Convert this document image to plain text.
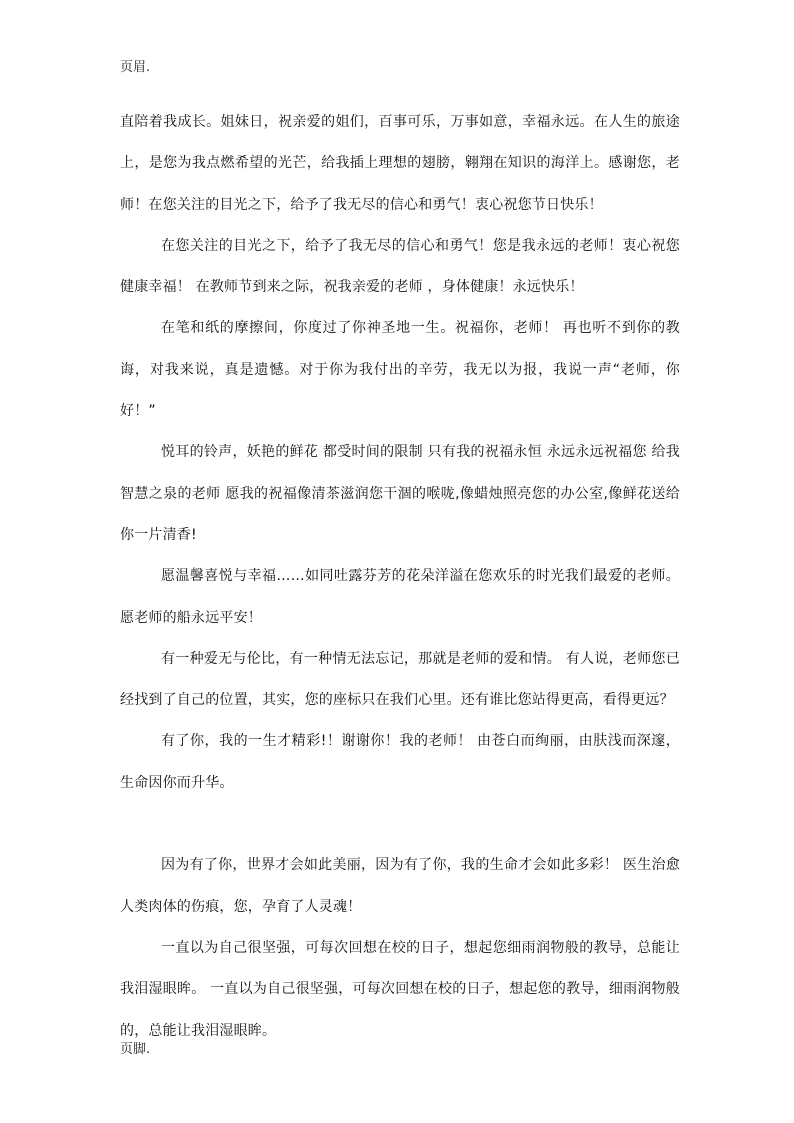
页眉.

直陪着我成长。姐妹日，祝亲爱的姐们，百事可乐，万事如意，幸福永远。在人生的旅途上，是您为我点燃希望的光芒，给我插上理想的翅膀，翱翔在知识的海洋上。感谢您，老师！在您关注的目光之下，给予了我无尽的信心和勇气！衷心祝您节日快乐！

在您关注的目光之下，给予了我无尽的信心和勇气！您是我永远的老师！衷心祝您健康幸福！ 在教师节到来之际，祝我亲爱的老师 ，身体健康！永远快乐！

在笔和纸的摩擦间，你度过了你神圣地一生。祝福你，老师！ 再也听不到你的教诲，对我来说，真是遗憾。对于你为我付出的辛劳，我无以为报，我说一声“老师，你好！”

悦耳的铃声，妖艳的鲜花 都受时间的限制 只有我的祝福永恒 永远永远祝福您 给我智慧之泉的老师 愿我的祝福像清茶滋润您干涸的喉咙,像蜡烛照亮您的办公室,像鲜花送给你一片清香!

愿温馨喜悦与幸福……如同吐露芬芳的花朵洋溢在您欢乐的时光我们最爱的老师。愿老师的船永远平安！

有一种爱无与伦比，有一种情无法忘记，那就是老师的爱和情。 有人说，老师您已经找到了自己的位置，其实，您的座标只在我们心里。还有谁比您站得更高，看得更远？

有了你，我的一生才精彩!！谢谢你！我的老师！ 由苍白而绚丽，由肤浅而深邃，生命因你而升华。

因为有了你，世界才会如此美丽，因为有了你，我的生命才会如此多彩！ 医生治愈人类肉体的伤痕，您，孕育了人灵魂！

一直以为自己很坚强，可每次回想在校的日子，想起您细雨润物般的教导，总能让我泪湿眼眸。 一直以为自己很坚强，可每次回想在校的日子，想起您的教导，细雨润物般的，总能让我泪湿眼眸。

页脚.
